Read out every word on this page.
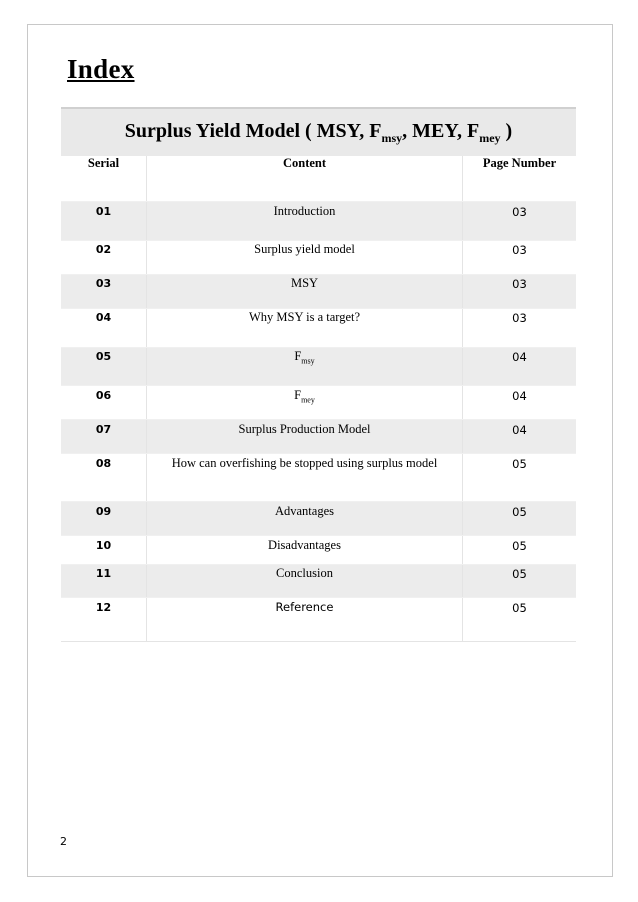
Index
Surplus Yield Model ( MSY, $F_{msy}$, MEY, $F_{mey}$ )
Serial	Content	Page Number
01	Introduction	03
02	Surplus yield model	03
03	MSY	03
04	Why MSY is a target?	03
05	$F_{msy}$	04
06	$F_{mey}$	04
07	Surplus Production Model	04
08	How can overfishing be stopped using surplus model	05
09	Advantages	05
10	Disadvantages	05
11	Conclusion	05
12	Reference	05
2
